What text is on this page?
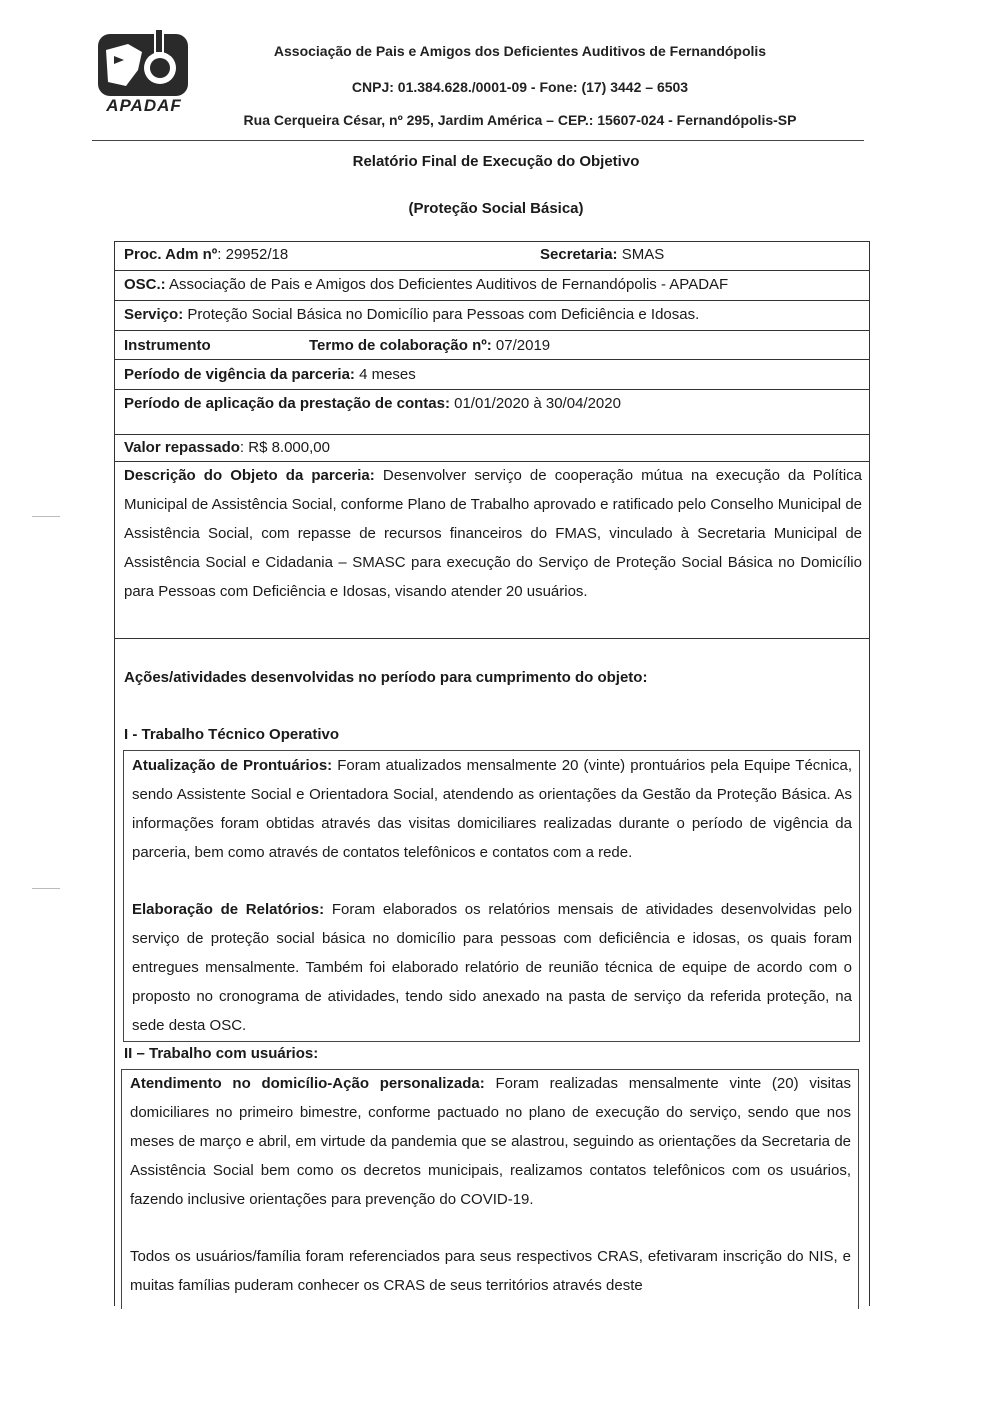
APADAF
Associação de Pais e Amigos dos Deficientes Auditivos de Fernandópolis
CNPJ: 01.384.628./0001-09 - Fone: (17) 3442 – 6503
Rua Cerqueira César, nº 295, Jardim América – CEP.: 15607-024 - Fernandópolis-SP
Relatório Final de Execução do Objetivo
(Proteção Social Básica)
Proc. Adm nº: 29952/18	Secretaria: SMAS
OSC.: Associação de Pais e Amigos dos Deficientes Auditivos de Fernandópolis - APADAF
Serviço: Proteção Social Básica no Domicílio para Pessoas com Deficiência e Idosas.
Instrumento	Termo de colaboração nº: 07/2019
Período de vigência da parceria: 4 meses
Período de aplicação da prestação de contas: 01/01/2020 à 30/04/2020
Valor repassado: R$ 8.000,00
Descrição do Objeto da parceria: Desenvolver serviço de cooperação mútua na execução da Política Municipal de Assistência Social, conforme Plano de Trabalho aprovado e ratificado pelo Conselho Municipal de Assistência Social, com repasse de recursos financeiros do FMAS, vinculado à Secretaria Municipal de Assistência Social e Cidadania – SMASC para execução do Serviço de Proteção Social Básica no Domicílio para Pessoas com Deficiência e Idosas, visando atender 20 usuários.
Ações/atividades desenvolvidas no período para cumprimento do objeto:
I - Trabalho Técnico Operativo
Atualização de Prontuários: Foram atualizados mensalmente 20 (vinte) prontuários pela Equipe Técnica, sendo Assistente Social e Orientadora Social, atendendo as orientações da Gestão da Proteção Básica. As informações foram obtidas através das visitas domiciliares realizadas durante o período de vigência da parceria, bem como através de contatos telefônicos e contatos com a rede.
Elaboração de Relatórios: Foram elaborados os relatórios mensais de atividades desenvolvidas pelo serviço de proteção social básica no domicílio para pessoas com deficiência e idosas, os quais foram entregues mensalmente. Também foi elaborado relatório de reunião técnica de equipe de acordo com o proposto no cronograma de atividades, tendo sido anexado na pasta de serviço da referida proteção, na sede desta OSC.
II – Trabalho com usuários:
Atendimento no domicílio-Ação personalizada: Foram realizadas mensalmente vinte (20) visitas domiciliares no primeiro bimestre, conforme pactuado no plano de execução do serviço, sendo que nos meses de março e abril, em virtude da pandemia que se alastrou, seguindo as orientações da Secretaria de Assistência Social bem como os decretos municipais, realizamos contatos telefônicos com os usuários, fazendo inclusive orientações para prevenção do COVID-19.
Todos os usuários/família foram referenciados para seus respectivos CRAS, efetivaram inscrição do NIS, e muitas famílias puderam conhecer os CRAS de seus territórios através deste
